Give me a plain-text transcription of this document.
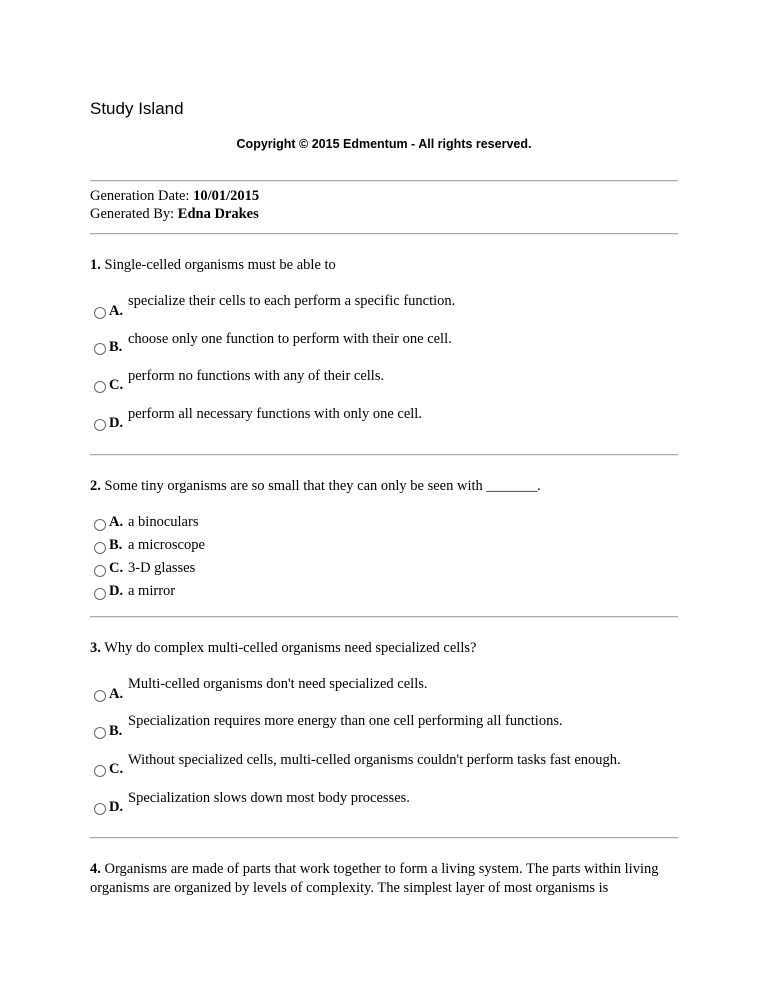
Study Island
Copyright © 2015 Edmentum - All rights reserved.
Generation Date: 10/01/2015
Generated By: Edna Drakes
1. Single-celled organisms must be able to
A.
specialize their cells to each perform a specific function.
B. choose only one function to perform with their one cell.
C.
perform no functions with any of their cells.
D.
perform all necessary functions with only one cell.
2. Some tiny organisms are so small that they can only be seen with _______.
A. a binoculars
B. a microscope
C. 3-D glasses
D. a mirror
3. Why do complex multi-celled organisms need specialized cells?
A.
Multi-celled organisms don't need specialized cells.
B.
Specialization requires more energy than one cell performing all functions.
C.
Without specialized cells, multi-celled organisms couldn't perform tasks fast enough.
D.
Specialization slows down most body processes.
4. Organisms are made of parts that work together to form a living system. The parts within living organisms are organized by levels of complexity. The simplest layer of most organisms is
